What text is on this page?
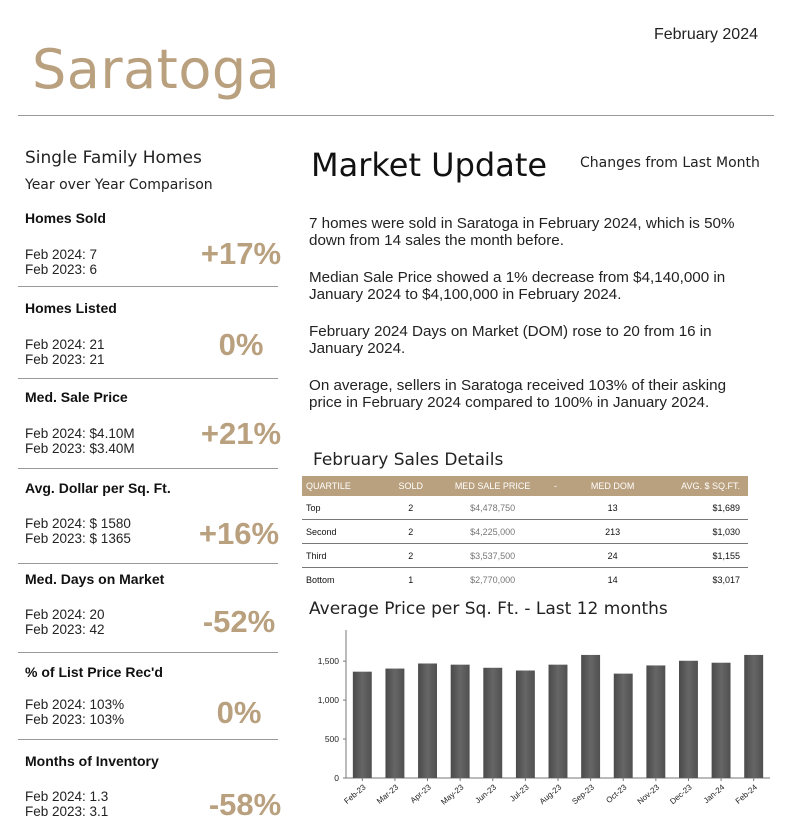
February 2024
Saratoga
Single Family Homes
Year over Year Comparison
Homes Sold
Feb 2024: 7
Feb 2023: 6	+17%
Homes Listed
Feb 2024: 21
Feb 2023: 21	0%
Med. Sale Price
Feb 2024: $4.10M
Feb 2023: $3.40M	+21%
Avg. Dollar per Sq. Ft.
Feb 2024: $ 1580
Feb 2023: $ 1365	+16%
Med. Days on Market
Feb 2024: 20
Feb 2023: 42	-52%
% of List Price Rec'd
Feb 2024: 103%
Feb 2023: 103%	0%
Months of Inventory
Feb 2024: 1.3
Feb 2023: 3.1	-58%
Market Update Changes from Last Month
7 homes were sold in Saratoga in February 2024, which is 50% down from 14 sales the month before.
Median Sale Price showed a 1% decrease from $4,140,000 in January 2024 to $4,100,000 in February 2024.
February 2024 Days on Market (DOM) rose to 20 from 16 in January 2024.
On average, sellers in Saratoga received 103% of their asking price in February 2024 compared to 100% in January 2024.
February Sales Details
QUARTILE	SOLD	MED SALE PRICE	-	MED DOM	AVG. $ SQ.FT.
Top	2	$4,478,750		13	$1,689
Second	2	$4,225,000		213	$1,030
Third	2	$3,537,500		24	$1,155
Bottom	1	$2,770,000		14	$3,017
Average Price per Sq. Ft. - Last 12 months
0
500
1,000
1,500
Feb-23 Mar-23 Apr-23 May-23 Jun-23 Jul-23 Aug-23 Sep-23 Oct-23 Nov-23 Dec-23 Jan-24 Feb-24
